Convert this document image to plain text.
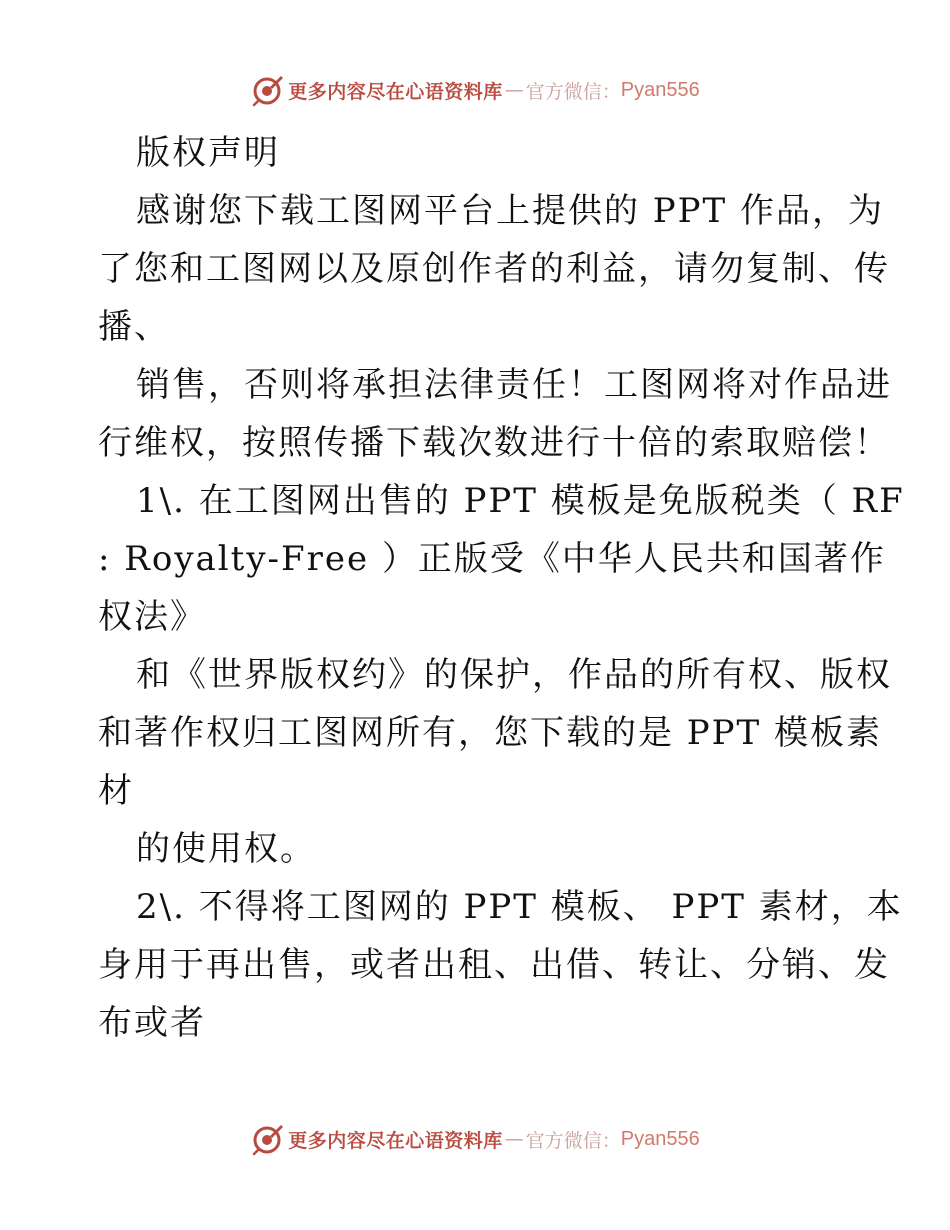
更多内容尽在心语资料库 — 官方微信： Pyan556
版权声明
感谢您下载工图网平台上提供的 PPT 作品，为
了您和工图网以及原创作者的利益，请勿复制、传
播、
销售，否则将承担法律责任！工图网将对作品进
行维权，按照传播下载次数进行十倍的索取赔偿！
1\. 在工图网出售的 PPT 模板是免版税类（ RF
: Royalty-Free ）正版受《中华人民共和国著作
权法》
和《世界版权约》的保护，作品的所有权、版权
和著作权归工图网所有，您下载的是 PPT 模板素
材
的使用权。
2\. 不得将工图网的 PPT 模板、 PPT 素材，本
身用于再出售，或者出租、出借、转让、分销、发
布或者
更多内容尽在心语资料库 — 官方微信： Pyan556
